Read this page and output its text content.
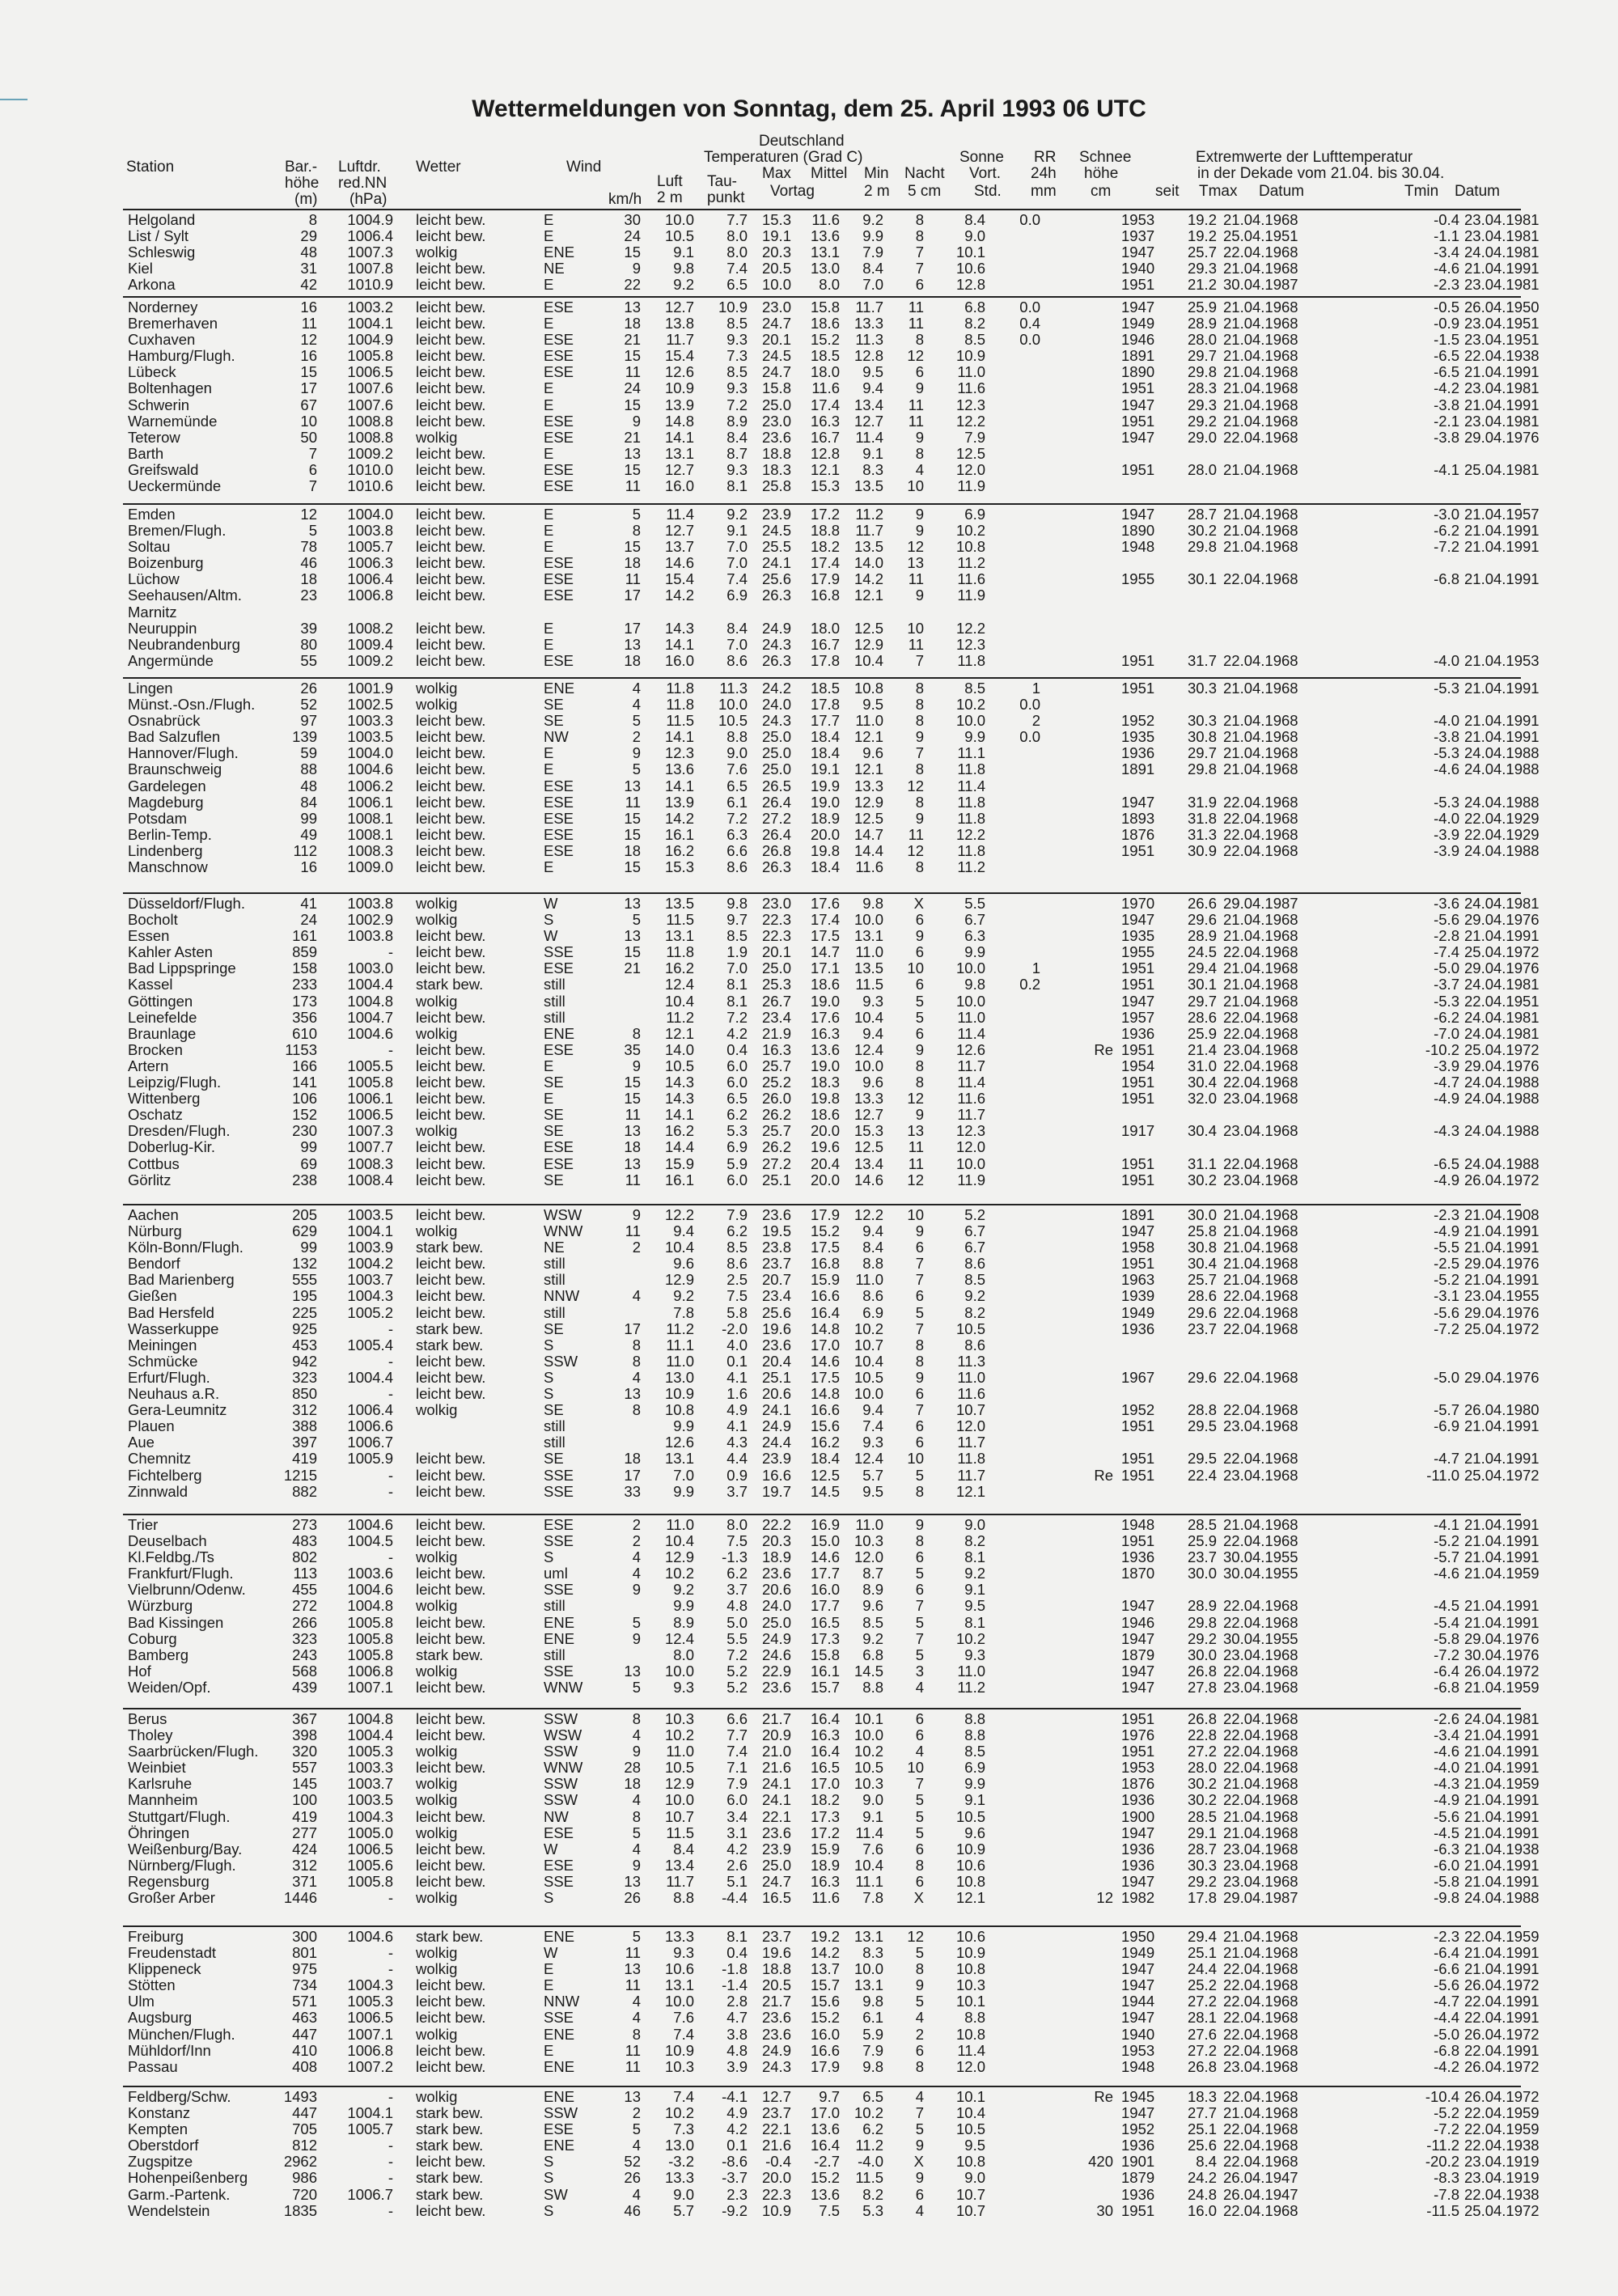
Wettermeldungen von Sonntag, dem 25. April 1993 06 UTC
Station	Bar.-
höhe
(m)
Luftdr.
red.NN
(hPa)
Wetter	Wind
km/h
Deutschland
Temperaturen (Grad C)
Luft
2 m
Tau-
punkt
Max Mittel
Vortag
Min
2 m
Nacht
5 cm
Sonne
Vort.
Std.
RR
24h
mm
Schnee
höhe
cm
Extremwerte der Lufttemperatur
in der Dekade vom 21.04. bis 30.04.
seit Tmax Datum	Tmin Datum
Helgoland	8 1004.9 leicht bew.	E	30 10.0 7.7 15.3 11.6 9.2 8	8.4 0.0	1953 19.2 21.04.1968	-0.4 23.04.1981
List / Sylt	29 1006.4 leicht bew.	E	24 10.5 8.0 19.1 13.6 9.9 8	9.0	1937 19.2 25.04.1951	-1.1 23.04.1981
Schleswig	48 1007.3 wolkig	ENE	15 9.1 8.0 20.3 13.1 7.9 7 10.1	1947 25.7 22.04.1968	-3.4 24.04.1981
Kiel	31 1007.8 leicht bew.	NE	9 9.8 7.4 20.5 13.0 8.4 7 10.6	1940 29.3 21.04.1968	-4.6 21.04.1991
Arkona	42 1010.9 leicht bew.	E	22 9.2 6.5 10.0 8.0 7.0 6 12.8	1951 21.2 30.04.1987	-2.3 23.04.1981
Norderney	16 1003.2 leicht bew.	ESE	13 12.7 10.9 23.0 15.8 11.7 11	6.8 0.0	1947 25.9 21.04.1968	-0.5 26.04.1950
Bremerhaven	11 1004.1 leicht bew.	E	18 13.8 8.5 24.7 18.6 13.3 11	8.2 0.4	1949 28.9 21.04.1968	-0.9 23.04.1951
Cuxhaven	12 1004.9 leicht bew.	ESE	21 11.7 9.3 20.1 15.2 11.3 8	8.5 0.0	1946 28.0 21.04.1968	-1.5 23.04.1951
Hamburg/Flugh.	16 1005.8 leicht bew.	ESE	15 15.4 7.3 24.5 18.5 12.8 12 10.9	1891 29.7 21.04.1968	-6.5 22.04.1938
Lübeck	15 1006.5 leicht bew.	ESE	11 12.6 8.5 24.7 18.0 9.5 6 11.0	1890 29.8 21.04.1968	-6.5 21.04.1991
Boltenhagen	17 1007.6 leicht bew.	E	24 10.9 9.3 15.8 11.6 9.4 9 11.6	1951 28.3 21.04.1968	-4.2 23.04.1981
Schwerin	67 1007.6 leicht bew.	E	15 13.9 7.2 25.0 17.4 13.4 11 12.3	1947 29.3 21.04.1968	-3.8 21.04.1991
Warnemünde	10 1008.8 leicht bew.	ESE	9 14.8 8.9 23.0 16.3 12.7 11 12.2	1951 29.2 21.04.1968	-2.1 23.04.1981
Teterow	50 1008.8 wolkig	ESE	21 14.1 8.4 23.6 16.7 11.4 9	7.9	1947 29.0 22.04.1968	-3.8 29.04.1976
Barth	7 1009.2 leicht bew.	E	13 13.1 8.7 18.8 12.8 9.1 8 12.5
Greifswald	6 1010.0 leicht bew.	ESE	15 12.7 9.3 18.3 12.1 8.3 4 12.0	1951 28.0 21.04.1968	-4.1 25.04.1981
Ueckermünde	7 1010.6 leicht bew.	ESE	11 16.0 8.1 25.8 15.3 13.5 10 11.9
Emden	12 1004.0 leicht bew.	E	5 11.4 9.2 23.9 17.2 11.2 9	6.9	1947 28.7 21.04.1968	-3.0 21.04.1957
Bremen/Flugh.	5 1003.8 leicht bew.	E	8 12.7 9.1 24.5 18.8 11.7 9 10.2	1890 30.2 21.04.1968	-6.2 21.04.1991
Soltau	78 1005.7 leicht bew.	E	15 13.7 7.0 25.5 18.2 13.5 12 10.8	1948 29.8 21.04.1968	-7.2 21.04.1991
Boizenburg	46 1006.3 leicht bew.	ESE	18 14.6 7.0 24.1 17.4 14.0 13 11.2
Lüchow	18 1006.4 leicht bew.	ESE	11 15.4 7.4 25.6 17.9 14.2 11 11.6	1955 30.1 22.04.1968	-6.8 21.04.1991
Seehausen/Altm.	23 1006.8 leicht bew.	ESE	17 14.2 6.9 26.3 16.8 12.1 9 11.9
Marnitz
Neuruppin	39 1008.2 leicht bew.	E	17 14.3 8.4 24.9 18.0 12.5 10 12.2
Neubrandenburg	80 1009.4 leicht bew.	E	13 14.1 7.0 24.3 16.7 12.9 11 12.3
Angermünde	55 1009.2 leicht bew.	ESE	18 16.0 8.6 26.3 17.8 10.4 7 11.8	1951 31.7 22.04.1968	-4.0 21.04.1953
Lingen	26 1001.9 wolkig	ENE	4 11.8 11.3 24.2 18.5 10.8 8	8.5	1	1951 30.3 21.04.1968	-5.3 21.04.1991
Münst.-Osn./Flugh.	52 1002.5 wolkig	SE	4 11.8 10.0 24.0 17.8 9.5 8 10.2 0.0
Osnabrück	97 1003.3 leicht bew.	SE	5 11.5 10.5 24.3 17.7 11.0 8 10.0	2	1952 30.3 21.04.1968	-4.0 21.04.1991
Bad Salzuflen	139 1003.5 leicht bew.	NW	2 14.1 8.8 25.0 18.4 12.1 9	9.9 0.0	1935 30.8 21.04.1968	-3.8 21.04.1991
Hannover/Flugh.	59 1004.0 leicht bew.	E	9 12.3 9.0 25.0 18.4 9.6 7 11.1	1936 29.7 21.04.1968	-5.3 24.04.1988
Braunschweig	88 1004.6 leicht bew.	E	5 13.6 7.6 25.0 19.1 12.1 8 11.8	1891 29.8 21.04.1968	-4.6 24.04.1988
Gardelegen	48 1006.2 leicht bew.	ESE	13 14.1 6.5 26.5 19.9 13.3 12 11.4
Magdeburg	84 1006.1 leicht bew.	ESE	11 13.9 6.1 26.4 19.0 12.9 8 11.8	1947 31.9 22.04.1968	-5.3 24.04.1988
Potsdam	99 1008.1 leicht bew.	ESE	15 14.2 7.2 27.2 18.9 12.5 9 11.8	1893 31.8 22.04.1968	-4.0 22.04.1929
Berlin-Temp.	49 1008.1 leicht bew.	ESE	15 16.1 6.3 26.4 20.0 14.7 11 12.2	1876 31.3 22.04.1968	-3.9 22.04.1929
Lindenberg	112 1008.3 leicht bew.	ESE	18 16.2 6.6 26.8 19.8 14.4 12 11.8	1951 30.9 22.04.1968	-3.9 24.04.1988
Manschnow	16 1009.0 leicht bew.	E	15 15.3 8.6 26.3 18.4 11.6 8 11.2
Düsseldorf/Flugh.	41 1003.8 wolkig	W	13 13.5 9.8 23.0 17.6 9.8 X	5.5	1970 26.6 29.04.1987	-3.6 24.04.1981
Bocholt	24 1002.9 wolkig	S	5 11.5 9.7 22.3 17.4 10.0 6	6.7	1947 29.6 21.04.1968	-5.6 29.04.1976
Essen	161 1003.8 leicht bew.	W	13 13.1 8.5 22.3 17.5 13.1 9	6.3	1935 28.9 21.04.1968	-2.8 21.04.1991
Kahler Asten	859	- leicht bew.	SSE	15 11.8 1.9 20.1 14.7 11.0 6	9.9	1955 24.5 22.04.1968	-7.4 25.04.1972
Bad Lippspringe	158 1003.0 leicht bew.	ESE	21 16.2 7.0 25.0 17.1 13.5 10 10.0	1	1951 29.4 21.04.1968	-5.0 29.04.1976
Kassel	233 1004.4 stark bew.	still	12.4 8.1 25.3 18.6 11.5 6	9.8 0.2	1951 30.1 21.04.1968	-3.7 24.04.1981
Göttingen	173 1004.8 wolkig	still	10.4 8.1 26.7 19.0 9.3 5 10.0	1947 29.7 21.04.1968	-5.3 22.04.1951
Leinefelde	356 1004.7 leicht bew.	still	11.2 7.2 23.4 17.6 10.4 5 11.0	1957 28.6 22.04.1968	-6.2 24.04.1981
Braunlage	610 1004.6 wolkig	ENE	8 12.1 4.2 21.9 16.3 9.4 6 11.4	1936 25.9 22.04.1968	-7.0 24.04.1981
Brocken	1153	- leicht bew.	ESE	35 14.0 0.4 16.3 13.6 12.4 9 12.6	Re 1951 21.4 23.04.1968	-10.2 25.04.1972
Artern	166 1005.5 leicht bew.	E	9 10.5 6.0 25.7 19.0 10.0 8 11.7	1954 31.0 22.04.1968	-3.9 29.04.1976
Leipzig/Flugh.	141 1005.8 leicht bew.	SE	15 14.3 6.0 25.2 18.3 9.6 8 11.4	1951 30.4 22.04.1968	-4.7 24.04.1988
Wittenberg	106 1006.1 leicht bew.	E	15 14.3 6.5 26.0 19.8 13.3 12 11.6	1951 32.0 23.04.1968	-4.9 24.04.1988
Oschatz	152 1006.5 leicht bew.	SE	11 14.1 6.2 26.2 18.6 12.7 9 11.7
Dresden/Flugh.	230 1007.3 wolkig	SE	13 16.2 5.3 25.7 20.0 15.3 13 12.3	1917 30.4 23.04.1968	-4.3 24.04.1988
Doberlug-Kir.	99 1007.7 leicht bew.	ESE	18 14.4 6.9 26.2 19.6 12.5 11 12.0
Cottbus	69 1008.3 leicht bew.	ESE	13 15.9 5.9 27.2 20.4 13.4 11 10.0	1951 31.1 22.04.1968	-6.5 24.04.1988
Görlitz	238 1008.4 leicht bew.	SE	11 16.1 6.0 25.1 20.0 14.6 12 11.9	1951 30.2 23.04.1968	-4.9 26.04.1972
Aachen	205 1003.5 leicht bew.	WSW	9 12.2 7.9 23.6 17.9 12.2 10	5.2	1891 30.0 21.04.1968	-2.3 21.04.1908
Nürburg	629 1004.1 wolkig	WNW	11 9.4 6.2 19.5 15.2 9.4 9	6.7	1947 25.8 21.04.1968	-4.9 21.04.1991
Köln-Bonn/Flugh.	99 1003.9 stark bew.	NE	2 10.4 8.5 23.8 17.5 8.4 6	6.7	1958 30.8 21.04.1968	-5.5 21.04.1991
Bendorf	132 1004.2 leicht bew.	still	9.6 8.6 23.7 16.8 8.8 7	8.6	1951 30.4 21.04.1968	-2.5 29.04.1976
Bad Marienberg	555 1003.7 leicht bew.	still	12.9 2.5 20.7 15.9 11.0 7	8.5	1963 25.7 21.04.1968	-5.2 21.04.1991
Gießen	195 1004.3 leicht bew.	NNW	4 9.2 7.5 23.4 16.6 8.6 6	9.2	1939 28.6 22.04.1968	-3.1 23.04.1955
Bad Hersfeld	225 1005.2 leicht bew.	still	7.8 5.8 25.6 16.4 6.9 5	8.2	1949 29.6 22.04.1968	-5.6 29.04.1976
Wasserkuppe	925	- stark bew.	SE	17 11.2 -2.0 19.6 14.8 10.2 7 10.5	1936 23.7 22.04.1968	-7.2 25.04.1972
Meiningen	453 1005.4 stark bew.	S	8 11.1 4.0 23.6 17.0 10.7 8	8.6
Schmücke	942	- leicht bew.	SSW	8 11.0 0.1 20.4 14.6 10.4 8 11.3
Erfurt/Flugh.	323 1004.4 leicht bew.	S	4 13.0 4.1 25.1 17.5 10.5 9 11.0	1967 29.6 22.04.1968	-5.0 29.04.1976
Neuhaus a.R.	850	- leicht bew.	S	13 10.9 1.6 20.6 14.8 10.0 6 11.6
Gera-Leumnitz	312 1006.4 wolkig	SE	8 10.8 4.9 24.1 16.6 9.4 7 10.7	1952 28.8 22.04.1968	-5.7 26.04.1980
Plauen	388 1006.6	still	9.9 4.1 24.9 15.6 7.4 6 12.0	1951 29.5 23.04.1968	-6.9 21.04.1991
Aue	397 1006.7	still	12.6 4.3 24.4 16.2 9.3 6 11.7
Chemnitz	419 1005.9 leicht bew.	SE	18 13.1 4.4 23.9 18.4 12.4 10 11.8	1951 29.5 22.04.1968	-4.7 21.04.1991
Fichtelberg	1215	- leicht bew.	SSE	17 7.0 0.9 16.6 12.5 5.7 5 11.7	Re 1951 22.4 23.04.1968	-11.0 25.04.1972
Zinnwald	882	- leicht bew.	SSE	33 9.9 3.7 19.7 14.5 9.5 8 12.1
Trier	273 1004.6 leicht bew.	ESE	2 11.0 8.0 22.2 16.9 11.0 9	9.0	1948 28.5 21.04.1968	-4.1 21.04.1991
Deuselbach	483 1004.5 leicht bew.	SSE	2 10.4 7.5 20.3 15.0 10.3 8	8.2	1951 25.9 22.04.1968	-5.2 21.04.1991
Kl.Feldbg./Ts	802	- wolkig	S	4 12.9 -1.3 18.9 14.6 12.0 6	8.1	1936 23.7 30.04.1955	-5.7 21.04.1991
Frankfurt/Flugh.	113 1003.6 leicht bew.	uml	4 10.2 6.2 23.6 17.7 8.7 5	9.2	1870 30.0 30.04.1955	-4.6 21.04.1959
Vielbrunn/Odenw.	455 1004.6 leicht bew.	SSE	9 9.2 3.7 20.6 16.0 8.9 6	9.1
Würzburg	272 1004.8 wolkig	still	9.9 4.8 24.0 17.7 9.6 7	9.5	1947 28.9 22.04.1968	-4.5 21.04.1991
Bad Kissingen	266 1005.8 leicht bew.	ENE	5 8.9 5.0 25.0 16.5 8.5 5	8.1	1946 29.8 22.04.1968	-5.4 21.04.1991
Coburg	323 1005.8 leicht bew.	ENE	9 12.4 5.5 24.9 17.3 9.2 7 10.2	1947 29.2 30.04.1955	-5.8 29.04.1976
Bamberg	243 1005.8 stark bew.	still	8.0 7.2 24.6 15.8 6.8 5	9.3	1879 30.0 23.04.1968	-7.2 30.04.1976
Hof	568 1006.8 wolkig	SSE	13 10.0 5.2 22.9 16.1 14.5 3 11.0	1947 26.8 22.04.1968	-6.4 26.04.1972
Weiden/Opf.	439 1007.1 leicht bew.	WNW	5 9.3 5.2 23.6 15.7 8.8 4 11.2	1947 27.8 23.04.1968	-6.8 21.04.1959
Berus	367 1004.8 leicht bew.	SSW	8 10.3 6.6 21.7 16.4 10.1 6	8.8	1951 26.8 22.04.1968	-2.6 24.04.1981
Tholey	398 1004.4 leicht bew.	WSW	4 10.2 7.7 20.9 16.3 10.0 6	8.8	1976 22.8 22.04.1968	-3.4 21.04.1991
Saarbrücken/Flugh. 320 1005.3 wolkig	SSW	9 11.0 7.4 21.0 16.4 10.2 4	8.5	1951 27.2 22.04.1968	-4.6 21.04.1991
Weinbiet	557 1003.3 leicht bew.	WNW	28 10.5 7.1 21.6 16.5 10.5 10	6.9	1953 28.0 22.04.1968	-4.0 21.04.1991
Karlsruhe	145 1003.7 wolkig	SSW	18 12.9 7.9 24.1 17.0 10.3 7	9.9	1876 30.2 21.04.1968	-4.3 21.04.1959
Mannheim	100 1003.5 wolkig	SSW	4 10.0 6.0 24.1 18.2 9.0 5	9.1	1936 30.2 22.04.1968	-4.9 21.04.1991
Stuttgart/Flugh.	419 1004.3 leicht bew.	NW	8 10.7 3.4 22.1 17.3 9.1 5 10.5	1900 28.5 21.04.1968	-5.6 21.04.1991
Öhringen	277 1005.0 wolkig	ESE	5 11.5 3.1 23.6 17.2 11.4 5	9.6	1947 29.1 21.04.1968	-4.5 21.04.1991
Weißenburg/Bay.	424 1006.5 leicht bew.	W	4 8.4 4.2 23.9 15.9 7.6 6 10.9	1936 28.7 23.04.1968	-6.3 21.04.1938
Nürnberg/Flugh.	312 1005.6 leicht bew.	ESE	9 13.4 2.6 25.0 18.9 10.4 8 10.6	1936 30.3 23.04.1968	-6.0 21.04.1991
Regensburg	371 1005.8 leicht bew.	SSE	13 11.7 5.1 24.7 16.3 11.1 6 10.8	1947 29.2 23.04.1968	-5.8 21.04.1991
Großer Arber	1446	- wolkig	S	26 8.8 -4.4 16.5 11.6 7.8 X 12.1	12 1982 17.8 29.04.1987	-9.8 24.04.1988
Freiburg	300 1004.6 stark bew.	ENE	5 13.3 8.1 23.7 19.2 13.1 12 10.6	1950 29.4 21.04.1968	-2.3 22.04.1959
Freudenstadt	801	- wolkig	W	11 9.3 0.4 19.6 14.2 8.3 5 10.9	1949 25.1 21.04.1968	-6.4 21.04.1991
Klippeneck	975	- wolkig	E	13 10.6 -1.8 18.8 13.7 10.0 8 10.8	1947 24.4 22.04.1968	-6.6 21.04.1991
Stötten	734 1004.3 leicht bew.	E	11 13.1 -1.4 20.5 15.7 13.1 9 10.3	1947 25.2 22.04.1968	-5.6 26.04.1972
Ulm	571 1005.3 leicht bew.	NNW	4 10.0 2.8 21.7 15.6 9.8 5 10.1	1944 27.2 22.04.1968	-4.7 22.04.1991
Augsburg	463 1006.5 leicht bew.	SSE	4 7.6 4.7 23.6 15.2 6.1 4	8.8	1947 28.1 22.04.1968	-4.4 22.04.1991
München/Flugh.	447 1007.1 wolkig	ENE	8 7.4 3.8 23.6 16.0 5.9 2 10.8	1940 27.6 22.04.1968	-5.0 26.04.1972
Mühldorf/Inn	410 1006.8 leicht bew.	E	11 10.9 4.8 24.9 16.6 7.9 6 11.4	1953 27.2 22.04.1968	-6.8 22.04.1991
Passau	408 1007.2 leicht bew.	ENE	11 10.3 3.9 24.3 17.9 9.8 8 12.0	1948 26.8 23.04.1968	-4.2 26.04.1972
Feldberg/Schw.	1493	- wolkig	ENE	13 7.4 -4.1 12.7 9.7 6.5 4 10.1	Re 1945 18.3 22.04.1968	-10.4 26.04.1972
Konstanz	447 1004.1 stark bew.	SSW	2 10.2 4.9 23.7 17.0 10.2 7 10.4	1947 27.7 21.04.1968	-5.2 22.04.1959
Kempten	705 1005.7 stark bew.	ESE	5 7.3 4.2 22.1 13.6 6.2 5 10.5	1952 25.1 22.04.1968	-7.2 22.04.1959
Oberstdorf	812	- stark bew.	ENE	4 13.0 0.1 21.6 16.4 11.2 9	9.5	1936 25.6 22.04.1968	-11.2 22.04.1938
Zugspitze	2962	- leicht bew.	S	52 -3.2 -8.6 -0.4 -2.7 -4.0 X 10.8	420 1901	8.4 22.04.1968	-20.2 23.04.1919
Hohenpeißenberg	986	- stark bew.	S	26 13.3 -3.7 20.0 15.2 11.5 9	9.0	1879 24.2 26.04.1947	-8.3 23.04.1919
Garm.-Partenk.	720 1006.7 stark bew.	SW	4 9.0 2.3 22.3 13.6 8.2 6 10.7	1936 24.8 26.04.1947	-7.8 22.04.1938
Wendelstein	1835	- leicht bew.	S	46 5.7 -9.2 10.9 7.5 5.3 4 10.7	30 1951 16.0 22.04.1968	-11.5 25.04.1972
